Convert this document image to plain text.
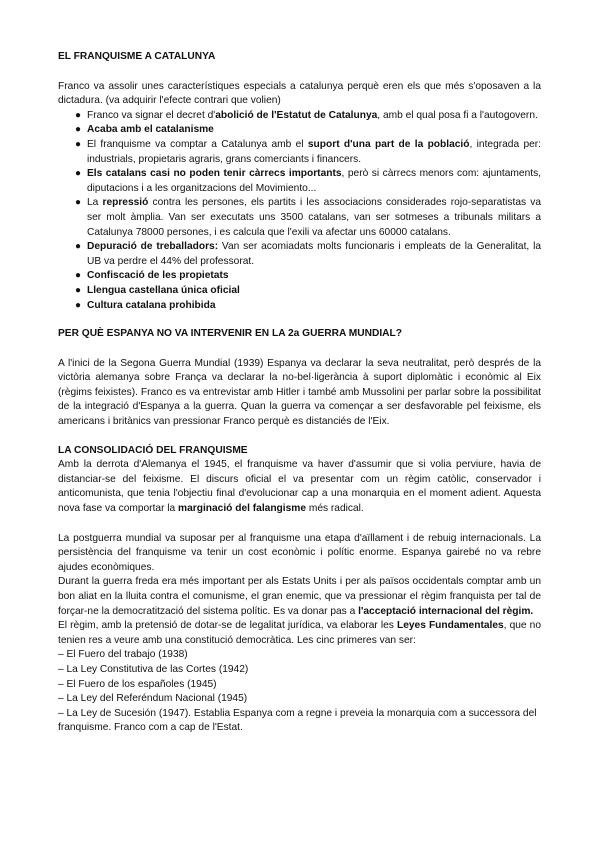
EL FRANQUISME A CATALUNYA

Franco va assolir unes característiques especials a catalunya perquè eren els que més s'oposaven a la dictadura. (va adquirir l'efecte contrari que volien)

● Franco va signar el decret d'abolició de l'Estatut de Catalunya, amb el qual posa fi a l'autogovern.
● Acaba amb el catalanisme
● El franquisme va comptar a Catalunya amb el suport d'una part de la població, integrada per: industrials, propietaris agraris, grans comerciants i financers.
● Els catalans casi no poden tenir càrrecs importants, però si càrrecs menors com: ajuntaments, diputacions i a les organitzacions del Movimiento...
● La repressió contra les persones, els partits i les associacions considerades rojo-separatistas va ser molt àmplia. Van ser executats uns 3500 catalans, van ser sotmeses a tribunals militars a Catalunya 78000 persones, i es calcula que l'exili va afectar uns 60000 catalans.
● Depuració de treballadors: Van ser acomiadats molts funcionaris i empleats de la Generalitat, la UB va perdre el 44% del professorat.
● Confiscació de les propietats
● Llengua castellana única oficial
● Cultura catalana prohibida

PER QUÈ ESPANYA NO VA INTERVENIR EN LA 2a GUERRA MUNDIAL?

A l'inici de la Segona Guerra Mundial (1939) Espanya va declarar la seva neutralitat, però després de la victòria alemanya sobre França va declarar la no-bel·ligerància à suport diplomàtic i econòmic al Eix (règims feixistes). Franco es va entrevistar amb Hitler i també amb Mussolini per parlar sobre la possibilitat de la integració d'Espanya a la guerra. Quan la guerra va començar a ser desfavorable pel feixisme, els americans i britànics van pressionar Franco perquè es distanciés de l'Eix.

LA CONSOLIDACIÓ DEL FRANQUISME

Amb la derrota d'Alemanya el 1945, el franquisme va haver d'assumir que si volia perviure, havia de distanciar-se del feixisme. El discurs oficial el va presentar com un règim catòlic, conservador i anticomunista, que tenia l'objectiu final d'evolucionar cap a una monarquia en el moment adient. Aquesta nova fase va comportar la marginació del falangisme més radical.

La postguerra mundial va suposar per al franquisme una etapa d'aïllament i de rebuig internacionals. La persistència del franquisme va tenir un cost econòmic i polític enorme. Espanya gairebé no va rebre ajudes econòmiques.

Durant la guerra freda era més important per als Estats Units i per als països occidentals comptar amb un bon aliat en la lluita contra el comunisme, el gran enemic, que va pressionar el règim franquista per tal de forçar-ne la democratització del sistema polític. Es va donar pas a l'acceptació internacional del règim.

El règim, amb la pretensió de dotar-se de legalitat jurídica, va elaborar les Leyes Fundamentales, que no tenien res a veure amb una constitució democràtica. Les cinc primeres van ser:

– El Fuero del trabajo (1938)

– La Ley Constitutiva de las Cortes (1942)

– El Fuero de los españoles (1945)

– La Ley del Referéndum Nacional (1945)

– La Ley de Sucesión (1947). Establia Espanya com a regne i preveia la monarquia com a successora del franquisme. Franco com a cap de l'Estat.
